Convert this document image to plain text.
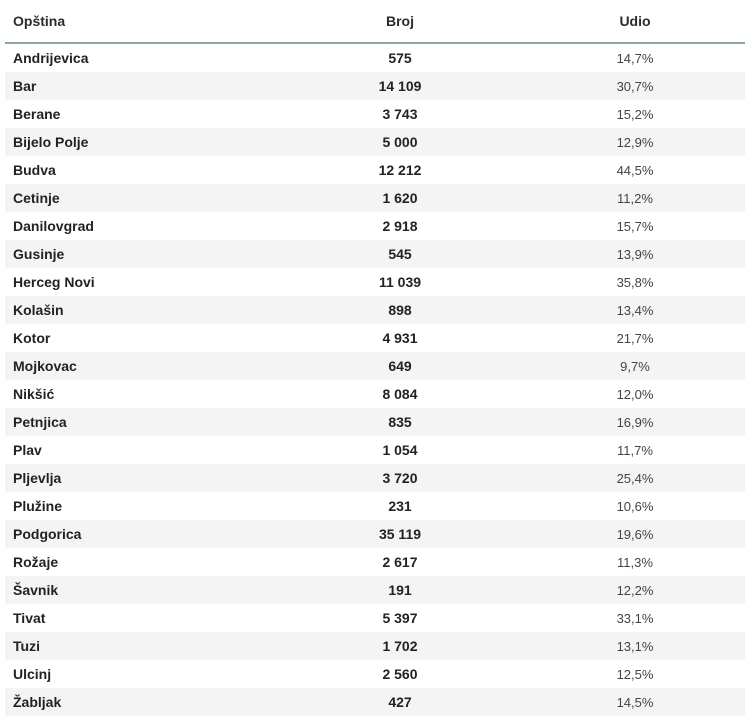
Opština	Broj	Udio
Andrijevica	575	14,7%
Bar	14 109	30,7%
Berane	3 743	15,2%
Bijelo Polje	5 000	12,9%
Budva	12 212	44,5%
Cetinje	1 620	11,2%
Danilovgrad	2 918	15,7%
Gusinje	545	13,9%
Herceg Novi	11 039	35,8%
Kolašin	898	13,4%
Kotor	4 931	21,7%
Mojkovac	649	9,7%
Nikšić	8 084	12,0%
Petnjica	835	16,9%
Plav	1 054	11,7%
Pljevlja	3 720	25,4%
Plužine	231	10,6%
Podgorica	35 119	19,6%
Rožaje	2 617	11,3%
Šavnik	191	12,2%
Tivat	5 397	33,1%
Tuzi	1 702	13,1%
Ulcinj	2 560	12,5%
Žabljak	427	14,5%
